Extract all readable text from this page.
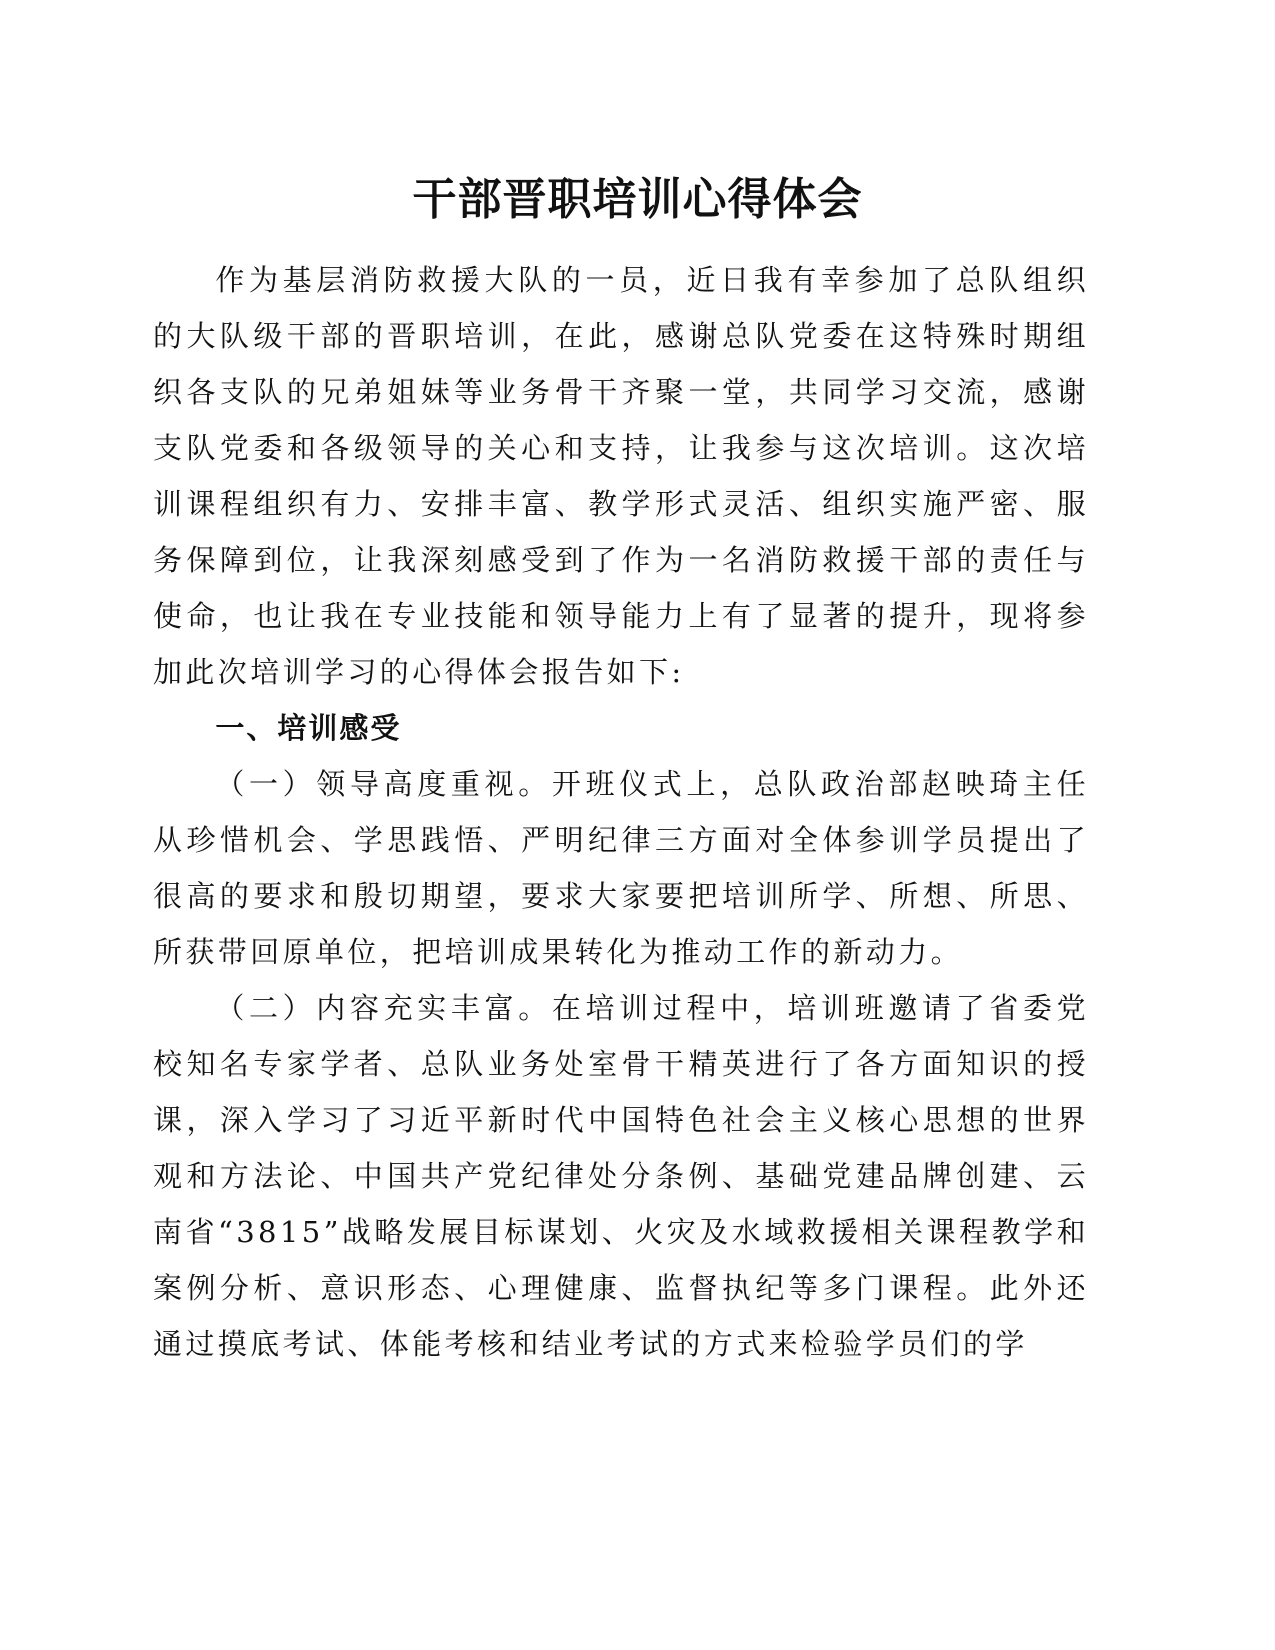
干部晋职培训心得体会

作为基层消防救援大队的一员，近日我有幸参加了总队组织的大队级干部的晋职培训，在此，感谢总队党委在这特殊时期组织各支队的兄弟姐妹等业务骨干齐聚一堂，共同学习交流，感谢支队党委和各级领导的关心和支持，让我参与这次培训。这次培训课程组织有力、安排丰富、教学形式灵活、组织实施严密、服务保障到位，让我深刻感受到了作为一名消防救援干部的责任与使命，也让我在专业技能和领导能力上有了显著的提升，现将参加此次培训学习的心得体会报告如下:

一、培训感受

（一）领导高度重视。开班仪式上，总队政治部赵映琦主任从珍惜机会、学思践悟、严明纪律三方面对全体参训学员提出了很高的要求和殷切期望，要求大家要把培训所学、所想、所思、所获带回原单位，把培训成果转化为推动工作的新动力。

（二）内容充实丰富。在培训过程中，培训班邀请了省委党校知名专家学者、总队业务处室骨干精英进行了各方面知识的授课，深入学习了习近平新时代中国特色社会主义核心思想的世界观和方法论、中国共产党纪律处分条例、基础党建品牌创建、云南省“3815”战略发展目标谋划、火灾及水域救援相关课程教学和案例分析、意识形态、心理健康、监督执纪等多门课程。此外还通过摸底考试、体能考核和结业考试的方式来检验学员们的学
